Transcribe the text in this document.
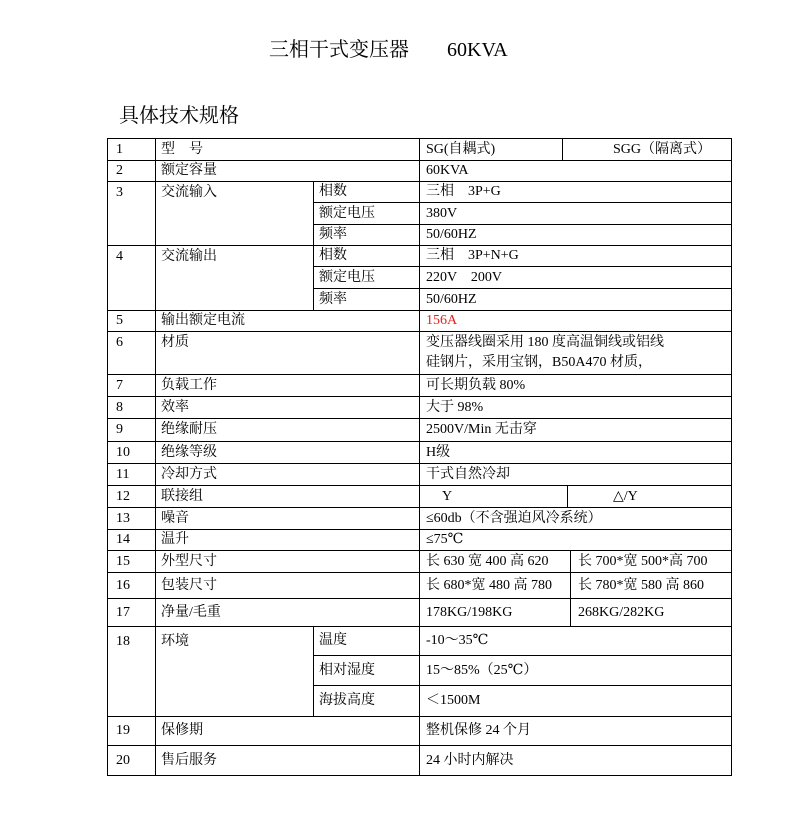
三相干式变压器 60KVA
具体技术规格
1	型　号		SG(自耦式)	SGG（隔离式）		
2	额定容量		60KVA			
3	交流输入	相数	三相　3P+G			
		额定电压	380V			
		频率	50/60HZ			
4	交流输出	相数	三相　3P+N+G			
		额定电压	220V　200V			
		频率	50/60HZ			
5	输出额定电流		156A			
6	材质		变压器线圈采用 180 度高温铜线或铝线
硅钢片，采用宝钢，B50A470 材质，			

7	负载工作		可长期负载 80%			
8	效率		大于 98%			
9	绝缘耐压		2500V/Min 无击穿			
10	绝缘等级		H级			
11	冷却方式		干式自然冷却			
12	联接组		Y		△/Y	
13	噪音		≤60db（不含强迫风冷系统）			
14	温升		≤75℃			
15	外型尺寸		长 630 宽 400 高 620			长 700*宽 500*高 700
16	包装尺寸		长 680*宽 480 高 780			长 780*宽 580 高 860
17	净量/毛重		178KG/198KG			268KG/282KG
18	环境	温度	-10～35℃			
		相对湿度	15～85%（25℃）			
		海拔高度	＜1500M			
19	保修期		整机保修 24 个月			
20	售后服务		24 小时内解决			
